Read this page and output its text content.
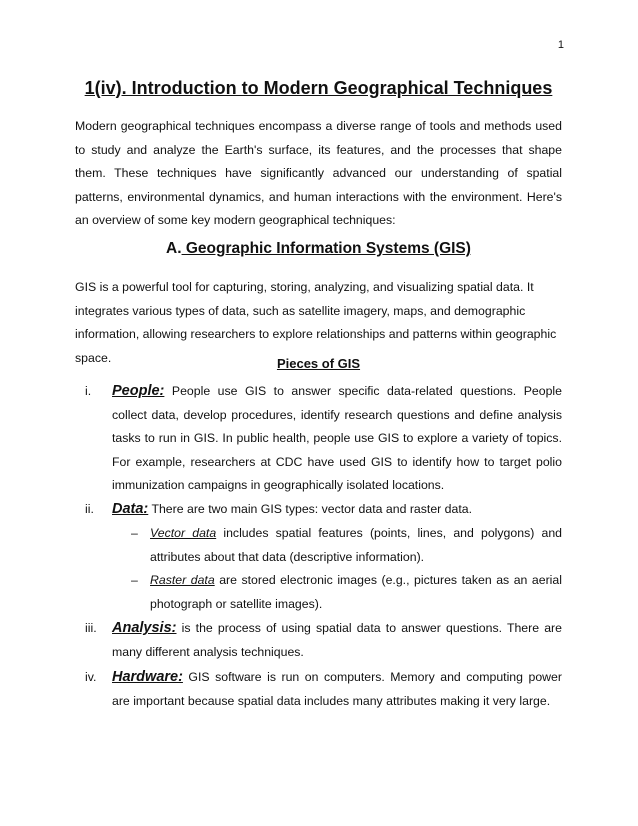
1
1(iv). Introduction to Modern Geographical Techniques

Modern geographical techniques encompass a diverse range of tools and methods used to study and analyze the Earth's surface, its features, and the processes that shape them. These techniques have significantly advanced our understanding of spatial patterns, environmental dynamics, and human interactions with the environment. Here's an overview of some key modern geographical techniques:

A. Geographic Information Systems (GIS)

GIS is a powerful tool for capturing, storing, analyzing, and visualizing spatial data. It integrates various types of data, such as satellite imagery, maps, and demographic information, allowing researchers to explore relationships and patterns within geographic space.	Pieces of GIS
i.	People: People use GIS to answer specific data-related questions. People collect data, develop procedures, identify research questions and define analysis tasks to run in GIS. In public health, people use GIS to explore a variety of topics. For example, researchers at CDC have used GIS to identify how to target polio immunization campaigns in geographically isolated locations.
ii.	Data: There are two main GIS types: vector data and raster data.
– Vector data includes spatial features (points, lines, and polygons) and attributes about that data (descriptive information).
– Raster data are stored electronic images (e.g., pictures taken as an aerial photograph or satellite images).
iii.	Analysis: is the process of using spatial data to answer questions. There are many different analysis techniques.
iv.	Hardware: GIS software is run on computers. Memory and computing power are important because spatial data includes many attributes making it very large.
